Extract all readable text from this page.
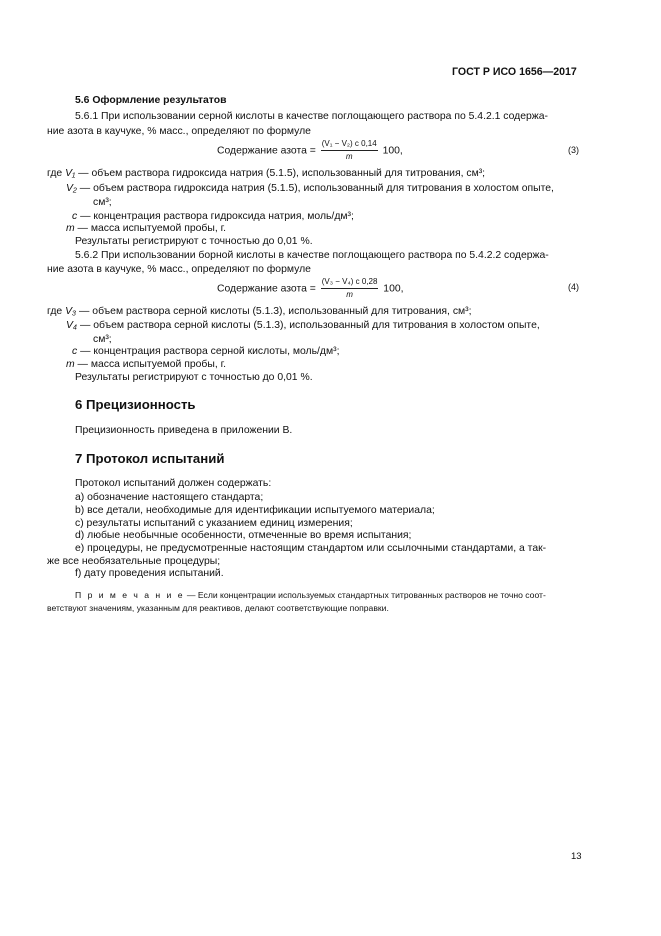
ГОСТ Р ИСО 1656—2017
5.6 Оформление результатов
5.6.1 При использовании серной кислоты в качестве поглощающего раствора по 5.4.2.1 содержа-
ние азота в каучуке, % масс., определяют по формуле
Содержание азота = $\frac{\text{(V₁ − V₂) c 0,14}}{m} 100$,	(3)
где V₁ — объем раствора гидроксида натрия (5.1.5), использованный для титрования, см³;
V₂ — объем раствора гидроксида натрия (5.1.5), использованный для титрования в холостом опыте,
см³;
c — концентрация раствора гидроксида натрия, моль/дм³;
m — масса испытуемой пробы, г.
Результаты регистрируют с точностью до 0,01 %.
5.6.2 При использовании борной кислоты в качестве поглощающего раствора по 5.4.2.2 содержа-
ние азота в каучуке, % масс., определяют по формуле
Содержание азота = $\frac{\text{(V₃ − V₄) c 0,28}}{m} 100$,	(4)
где V₃ — объем раствора серной кислоты (5.1.3), использованный для титрования, см³;
V₄ — объем раствора серной кислоты (5.1.3), использованный для титрования в холостом опыте,
см³;
c — концентрация раствора серной кислоты, моль/дм³;
m — масса испытуемой пробы, г.
Результаты регистрируют с точностью до 0,01 %.
6 Прецизионность
Прецизионность приведена в приложении В.
7 Протокол испытаний
Протокол испытаний должен содержать:
a) обозначение настоящего стандарта;
b) все детали, необходимые для идентификации испытуемого материала;
c) результаты испытаний с указанием единиц измерения;
d) любые необычные особенности, отмеченные во время испытания;
e) процедуры, не предусмотренные настоящим стандартом или ссылочными стандартами, а так-
же все необязательные процедуры;
f) дату проведения испытаний.
П р и м е ч а н и е — Если концентрации используемых стандартных титрованных растворов не точно соот-
ветствуют значениям, указанным для реактивов, делают соответствующие поправки.
13
